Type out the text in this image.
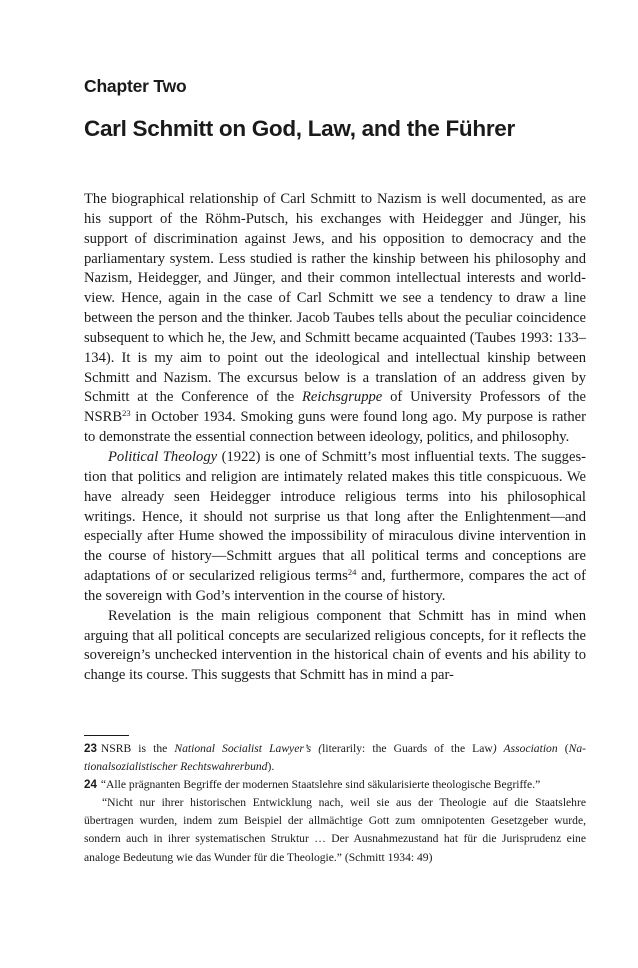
Chapter Two
Carl Schmitt on God, Law, and the Führer

The biographical relationship of Carl Schmitt to Nazism is well documented, as are his support of the Röhm-Putsch, his exchanges with Heidegger and Jünger, his support of discrimination against Jews, and his opposition to democracy and the parliamentary system. Less studied is rather the kinship between his philosophy and Nazism, Heidegger, and Jünger, and their common intellectual interests and world-view. Hence, again in the case of Carl Schmitt we see a tendency to draw a line between the person and the thinker. Jacob Taubes tells about the peculiar coincidence subsequent to which he, the Jew, and Schmitt became acquainted (Taubes 1993: 133–134). It is my aim to point out the ideological and intellectual kinship between Schmitt and Nazism. The excursus below is a translation of an address given by Schmitt at the Conference of the Reichsgruppe of University Professors of the NSRB$^{23}$ in October 1934. Smoking guns were found long ago. My purpose is rather to demonstrate the essential connection between ideology, politics, and philosophy.

Political Theology (1922) is one of Schmitt’s most influential texts. The suggestion that politics and religion are intimately related makes this title conspicuous. We have already seen Heidegger introduce religious terms into his philosophical writings. Hence, it should not surprise us that long after the Enlightenment—and especially after Hume showed the impossibility of miraculous divine intervention in the course of history—Schmitt argues that all political terms and conceptions are adaptations of or secularized religious terms$^{24}$ and, furthermore, compares the act of the sovereign with God’s intervention in the course of history.

Revelation is the main religious component that Schmitt has in mind when arguing that all political concepts are secularized religious concepts, for it reflects the sovereign’s unchecked intervention in the historical chain of events and his ability to change its course. This suggests that Schmitt has in mind a par-

23 NSRB is the National Socialist Lawyer’s (literarily: the Guards of the Law) Association (Nationalsozialistischer Rechtswahrerbund).

24 “Alle prägnanten Begriffe der modernen Staatslehre sind säkularisierte theologische Begriffe.”

“Nicht nur ihrer historischen Entwicklung nach, weil sie aus der Theologie auf die Staatslehre übertragen wurden, indem zum Beispiel der allmächtige Gott zum omnipotenten Gesetzgeber wurde, sondern auch in ihrer systematischen Struktur … Der Ausnahmezustand hat für die Jurisprudenz eine analoge Bedeutung wie das Wunder für die Theologie.” (Schmitt 1934: 49)
